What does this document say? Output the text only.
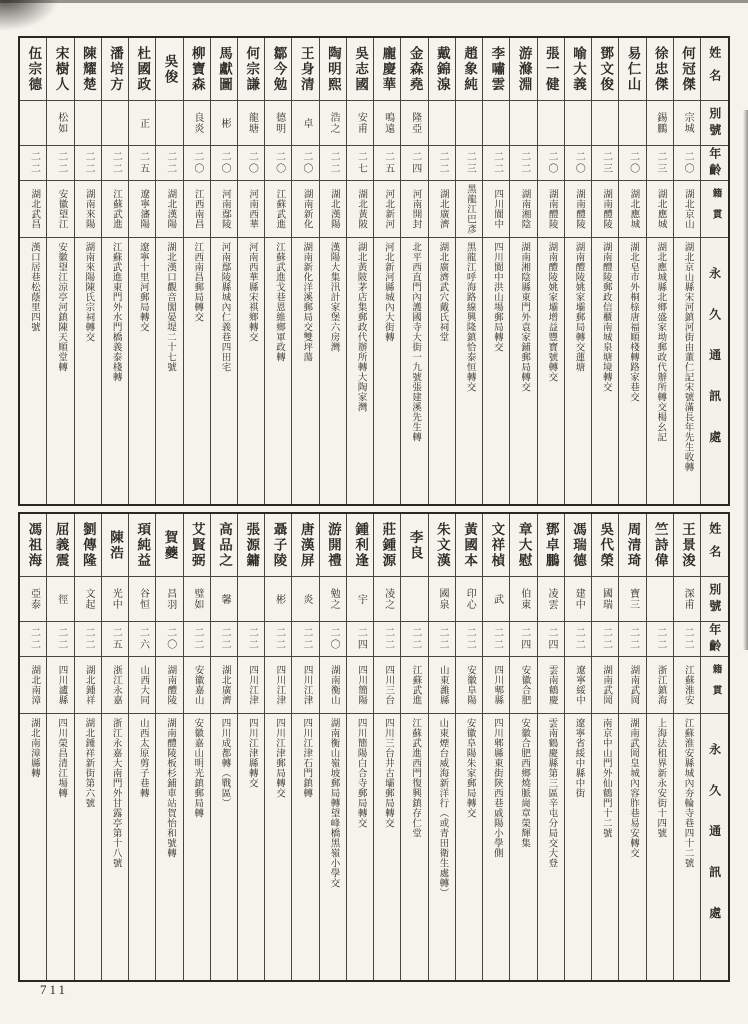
姓名
別號
年齡
籍貫
永久通訊處
何冠傑
宗城
二〇
湖北京山
湖北京山縣宋河鎮河街由董仁記宋號滿長年先生收轉
徐忠傑
錫鵬
二三
湖北應城
湖北應城縣北鄉盛家坳郵政代辦所轉交楊幺記
易仁山
二〇
湖北應城
湖北皂市外桐榇唐福順棧轉路家巷交
鄧文俊
二三
湖南醴陵
湖南醴陵郵政信櫃南城泉塘境轉交
喻大義
二〇
湖南醴陵
湖南醴陵姚家壩郵局轉交蓮塘
張一健
二〇
湖南醴陵
湖南醴陵姚家壩增益豐寶號轉交
游滌淵
二二
湖南湘陰
湖南湘陰縣東門外袁家鋪郵局轉交
李嘯雲
二二
四川閬中
四川閬中洪山場郵局轉交
趙象純
二三
黑龍江巴彥
黑龍江呼海路線興隆鎮恰泰恒轉交
戴錦湶
二二
湖北廣濟
湖北廣濟武穴戴氏祠堂
金森堯
隆亞
二四
河南開封
北平西直門內護國寺大街一九號張建溪先生轉
龐慶華
鳴遠
二五
河北新河
河北新河縣城內大街轉
吳志國
安甫
二七
湖北黃陂
湖北黃陂茅店集郵政代辦所轉大陶家灣
陶明熙
浩之
二二
湖北漢陽
漢陽大集汛計家堡六房灣
王身清
卓
二〇
湖南新化
湖南新化洋溪郵局交雙坪蕩
鄒今勉
德明
二〇
江蘇武進
江蘇武進戈巷恩維鄉軍政轉
何宗謙
龍塘
二〇
河南西華
河南西華縣宋祺鄉轉交
馬獻圖
彬
二〇
河南鄢陵
河南鄢陵縣城內仁義巷四田宅
柳寶森
良炎
二〇
江西南昌
江西南昌郵局轉交
吳俊
二二
湖北漢陽
湖北漢口觀音閣晏堤二十七號
杜國政
正
二五
遼寧瀋陽
遼寧十里河郵局轉交
潘培方
二二
江蘇武進
江蘇武進東門外水門橋義泰棧轉
陳耀楚
二二
湖南來陽
湖南來陽陳氏宗祠轉交
宋樹人
松如
二二
安徽望江
安徽望江涼亭河鎮陳天順堂轉
伍宗德
二二
湖北武昌
漢口居巷松蔭里四號
姓名
別號
年齡
籍貫
永久通訊處
王景浚
深甫
二二
江蘇淮安
江蘇淮安縣城內夯輪寺巷四十二號
竺詩偉
二二
浙江鎮海
上海法租界新永安街十四號
周清琦
寶三
二二
湖南武岡
湖南武岡皇城內容胙巷易安轉交
吳代榮
國瑞
二二
湖南武岡
南京中山門外仙鶴門十二號
馮瑞德
建中
二二
遼寧綏中
遼寧省綏中縣中街
鄧卓鵬
凌雲
二四
雲南鶴慶
雲南鶴慶縣第三區辛屯分局交大登
章大慰
伯東
二四
安徽合肥
安徽合肥西鄉燒脈崗章榮輝集
文祥楨
武
二二
四川郫縣
四川郫縣東街陝西巷戚陽小學側
黃國本
印心
二二
安徽阜陽
安徽阜陽朱家郵局轉交
朱文漢
國泉
二二
山東濰縣
山東煙台威海新洋行（或青田衛生處轉）
李良
二二
江蘇武進
江蘇武進西門復興鎮存仁堂
莊鍾源
凌之
二二
四川三台
四川三台井古壩郵局轉交
鍾利逢
宇
二四
四川簡陽
四川簡陽白合寺郵局轉交
游開禮
勉之
二〇
湖南衡山
湖南衡山嶺坡郵局轉望峰橋黑嶺小學交
唐漢屏
炎
二二
四川江津
四川江津石門鎮轉
聶子陵
彬
二二
四川江津
四川江津郵局轉交
張源鏞
二二
四川江津
四川江津縣轉交
高品之
馨
二二
湖北廣濟
（戰區）四川成都轉
艾賢弼
璧如
二二
安徽嘉山
安徽嘉山明光鎮郵局轉
賀夔
昌羽
二〇
湖南醴陵
湖南醴陵板杉鋪車站賀怡和號轉
頊純益
谷恒
二六
山西大同
山西太原剪子巷轉
陳浩
光中
二五
浙江永嘉
浙江永嘉大南門外甘露亭第十八號
劉傳隆
文起
二二
湖北鍾祥
湖北鍾祥新街第六號
屈義震
徑
二二
四川瀘縣
四川榮昌清江場轉
馮祖海
亞泰
二二
湖北南漳
湖北南漳縣轉
711
